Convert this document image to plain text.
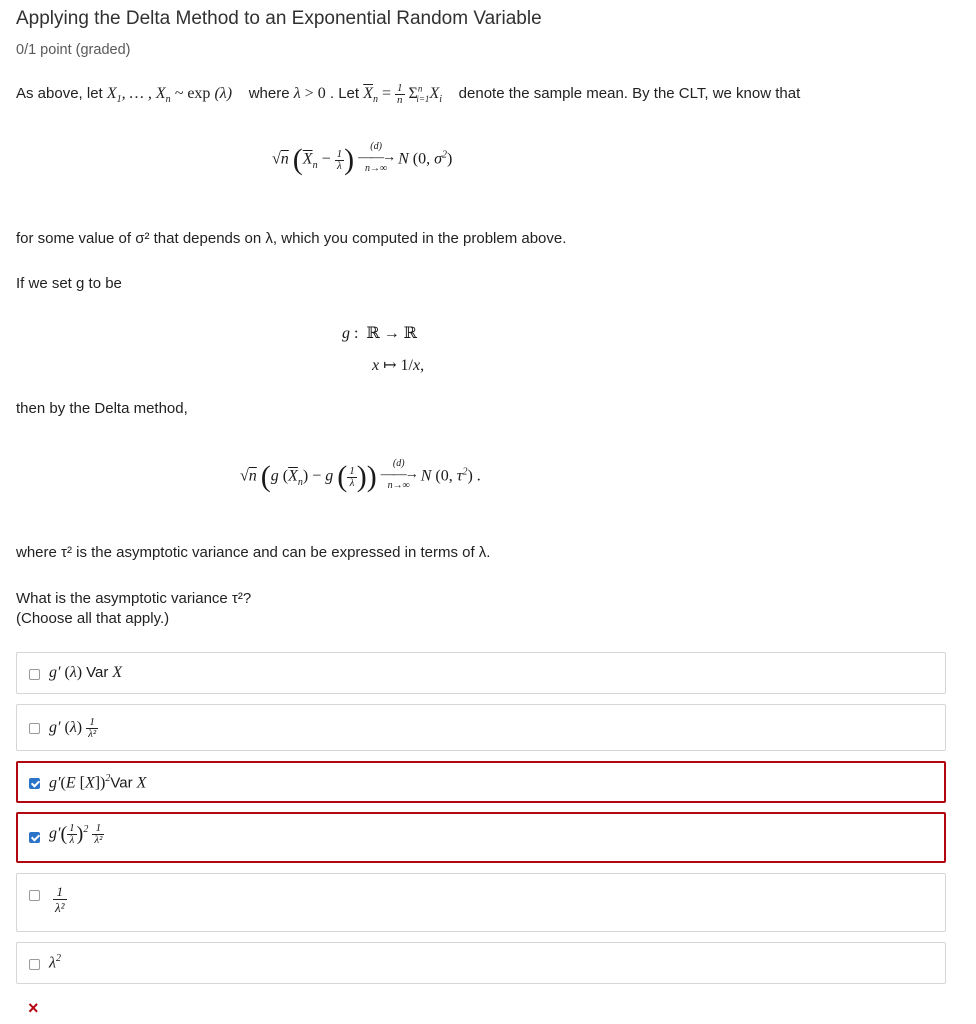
Applying the Delta Method to an Exponential Random Variable
0/1 point (graded)
As above, let $X_1$, … , $X_n$ ~ exp (λ) where λ > 0 . Let $\overline{X}_n = \frac{1}{n} \Sigma^n_{i=1}X_i$ denote the sample mean. By the CLT, we know that
√n ($\overline{X}_n - \frac{1}{\lambda}$ )	(d)
——→
n→∞
N (0, $\sigma^2$)
for some value of σ² that depends on λ, which you computed in the problem above.
If we set g to be
g : ℝ → ℝ
x ↦ 1/x,
then by the Delta method,
√n (g $(\overline{X}_n) - g$ ( $\frac{1}{\lambda}$ ))	(d)
——→
n→∞
N (0, $\tau^2$) .
where τ² is the asymptotic variance and can be expressed in terms of λ.
What is the asymptotic variance τ²?
(Choose all that apply.)
g′ (λ) Var X
g′ $(\lambda) \frac{1}{\text{λ²}}$
g′(E [X])$^2$Var X
$g'( \frac{1}{\lambda} )^2 \frac{1}{\text{λ²}}$
$\frac{1}{\text{λ²}}$
$\lambda^2$
×
